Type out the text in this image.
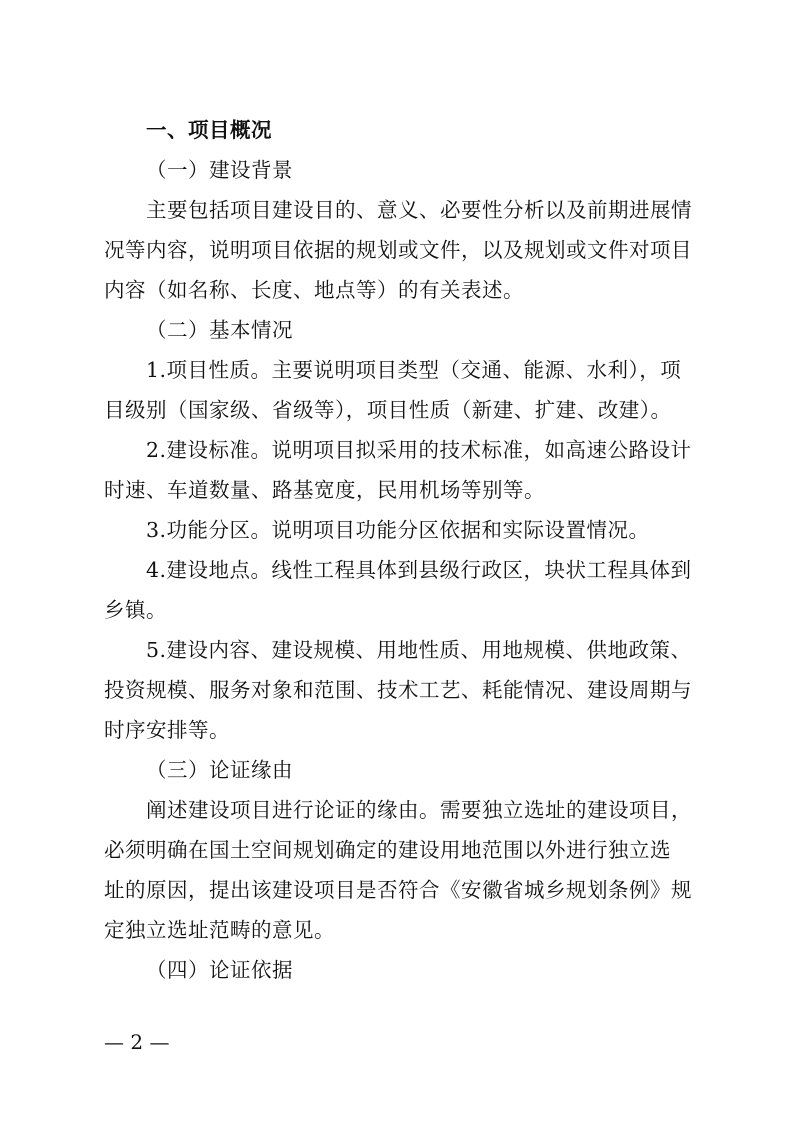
一、项目概况
（一）建设背景
主要包括项目建设目的、意义、必要性分析以及前期进展情
况等内容，说明项目依据的规划或文件，以及规划或文件对项目
内容（如名称、长度、地点等）的有关表述。
（二）基本情况
1.项目性质。主要说明项目类型（交通、能源、水利），项
目级别（国家级、省级等），项目性质（新建、扩建、改建）。
2.建设标准。说明项目拟采用的技术标准，如高速公路设计
时速、车道数量、路基宽度，民用机场等别等。
3.功能分区。说明项目功能分区依据和实际设置情况。
4.建设地点。线性工程具体到县级行政区，块状工程具体到
乡镇。
5.建设内容、建设规模、用地性质、用地规模、供地政策、
投资规模、服务对象和范围、技术工艺、耗能情况、建设周期与
时序安排等。
（三）论证缘由
阐述建设项目进行论证的缘由。需要独立选址的建设项目，
必须明确在国土空间规划确定的建设用地范围以外进行独立选
址的原因，提出该建设项目是否符合《安徽省城乡规划条例》规
定独立选址范畴的意见。
（四）论证依据
— 2 —
